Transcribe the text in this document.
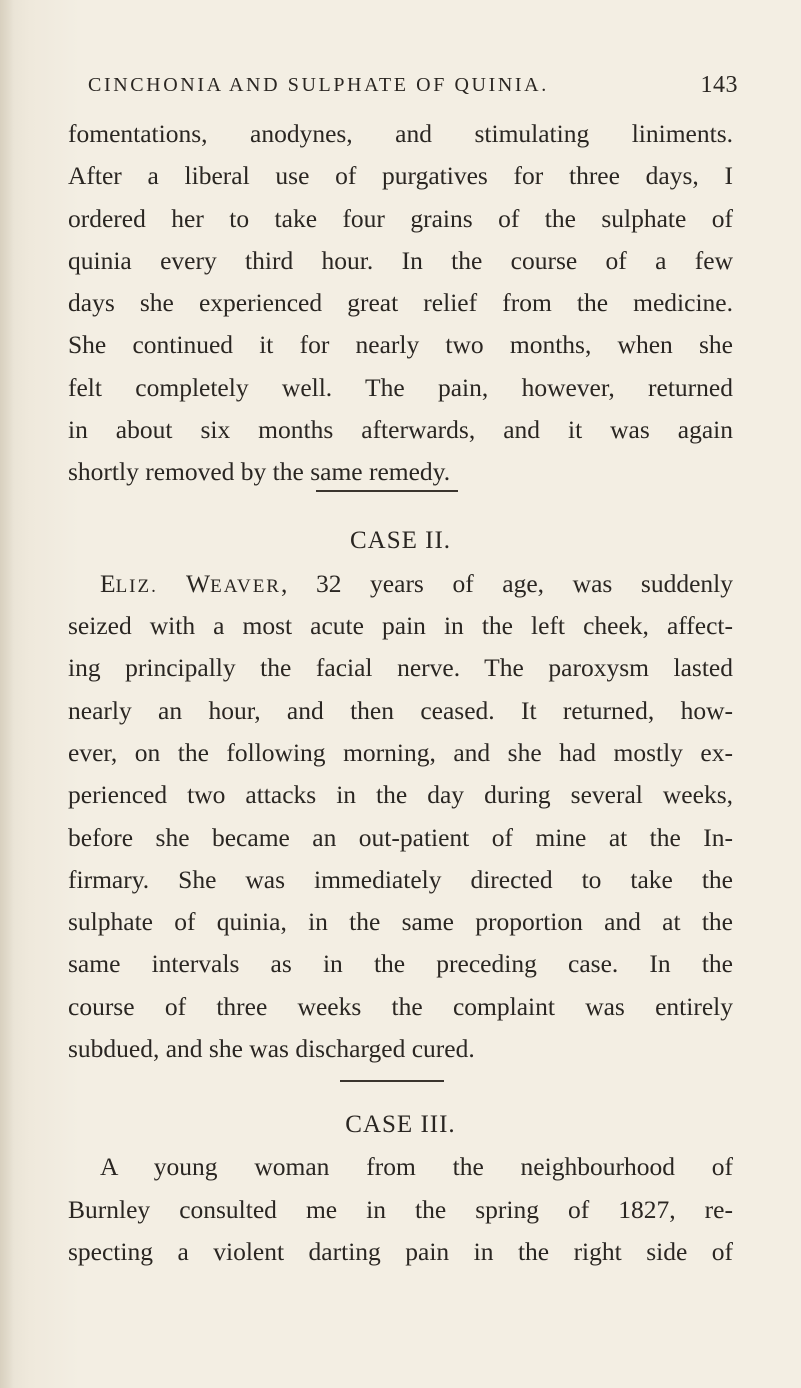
CINCHONIA AND SULPHATE OF QUINIA.	143
fomentations, anodynes, and stimulating liniments.
After a liberal use of purgatives for three days, I
ordered her to take four grains of the sulphate of
quinia every third hour. In the course of a few
days she experienced great relief from the medicine.
She continued it for nearly two months, when she
felt completely well. The pain, however, returned
in about six months afterwards, and it was again
shortly removed by the same remedy.
CASE II.
ELIZ. WEAVER, 32 years of age, was suddenly
seized with a most acute pain in the left cheek, affect-
ing principally the facial nerve. The paroxysm lasted
nearly an hour, and then ceased. It returned, how-
ever, on the following morning, and she had mostly ex-
perienced two attacks in the day during several weeks,
before she became an out-patient of mine at the In-
firmary. She was immediately directed to take the
sulphate of quinia, in the same proportion and at the
same intervals as in the preceding case. In the
course of three weeks the complaint was entirely
subdued, and she was discharged cured.
CASE III.
A young woman from the neighbourhood of
Burnley consulted me in the spring of 1827, re-
specting a violent darting pain in the right side of
